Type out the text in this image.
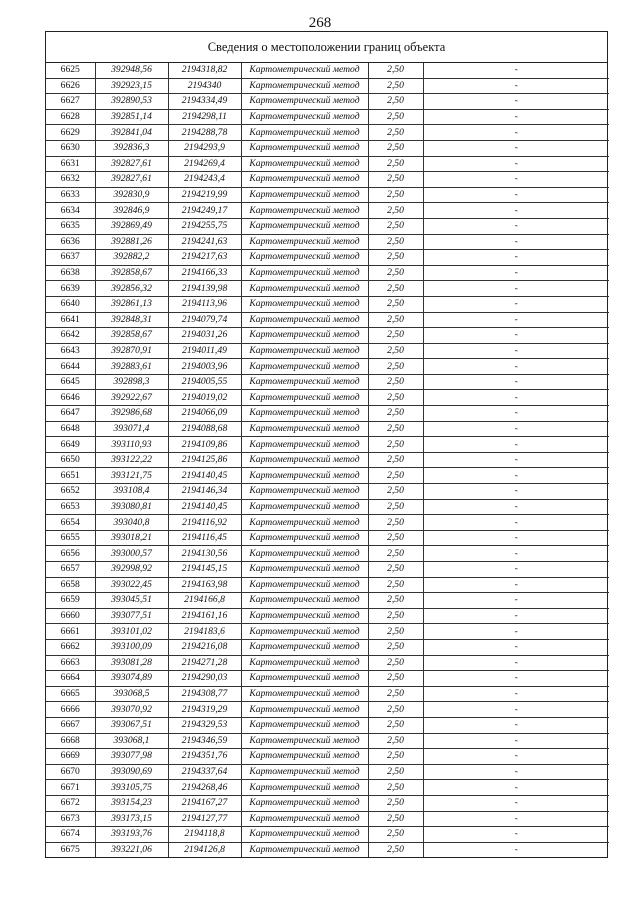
268
Сведения о местоположении границ объекта
6625	392948,56	2194318,82	Картометрический метод	2,50	-
6626	392923,15	2194340	Картометрический метод	2,50	-
6627	392890,53	2194334,49	Картометрический метод	2,50	-
6628	392851,14	2194298,11	Картометрический метод	2,50	-
6629	392841,04	2194288,78	Картометрический метод	2,50	-
6630	392836,3	2194293,9	Картометрический метод	2,50	-
6631	392827,61	2194269,4	Картометрический метод	2,50	-
6632	392827,61	2194243,4	Картометрический метод	2,50	-
6633	392830,9	2194219,99	Картометрический метод	2,50	-
6634	392846,9	2194249,17	Картометрический метод	2,50	-
6635	392869,49	2194255,75	Картометрический метод	2,50	-
6636	392881,26	2194241,63	Картометрический метод	2,50	-
6637	392882,2	2194217,63	Картометрический метод	2,50	-
6638	392858,67	2194166,33	Картометрический метод	2,50	-
6639	392856,32	2194139,98	Картометрический метод	2,50	-
6640	392861,13	2194113,96	Картометрический метод	2,50	-
6641	392848,31	2194079,74	Картометрический метод	2,50	-
6642	392858,67	2194031,26	Картометрический метод	2,50	-
6643	392870,91	2194011,49	Картометрический метод	2,50	-
6644	392883,61	2194003,96	Картометрический метод	2,50	-
6645	392898,3	2194005,55	Картометрический метод	2,50	-
6646	392922,67	2194019,02	Картометрический метод	2,50	-
6647	392986,68	2194066,09	Картометрический метод	2,50	-
6648	393071,4	2194088,68	Картометрический метод	2,50	-
6649	393110,93	2194109,86	Картометрический метод	2,50	-
6650	393122,22	2194125,86	Картометрический метод	2,50	-
6651	393121,75	2194140,45	Картометрический метод	2,50	-
6652	393108,4	2194146,34	Картометрический метод	2,50	-
6653	393080,81	2194140,45	Картометрический метод	2,50	-
6654	393040,8	2194116,92	Картометрический метод	2,50	-
6655	393018,21	2194116,45	Картометрический метод	2,50	-
6656	393000,57	2194130,56	Картометрический метод	2,50	-
6657	392998,92	2194145,15	Картометрический метод	2,50	-
6658	393022,45	2194163,98	Картометрический метод	2,50	-
6659	393045,51	2194166,8	Картометрический метод	2,50	-
6660	393077,51	2194161,16	Картометрический метод	2,50	-
6661	393101,02	2194183,6	Картометрический метод	2,50	-
6662	393100,09	2194216,08	Картометрический метод	2,50	-
6663	393081,28	2194271,28	Картометрический метод	2,50	-
6664	393074,89	2194290,03	Картометрический метод	2,50	-
6665	393068,5	2194308,77	Картометрический метод	2,50	-
6666	393070,92	2194319,29	Картометрический метод	2,50	-
6667	393067,51	2194329,53	Картометрический метод	2,50	-
6668	393068,1	2194346,59	Картометрический метод	2,50	-
6669	393077,98	2194351,76	Картометрический метод	2,50	-
6670	393090,69	2194337,64	Картометрический метод	2,50	-
6671	393105,75	2194268,46	Картометрический метод	2,50	-
6672	393154,23	2194167,27	Картометрический метод	2,50	-
6673	393173,15	2194127,77	Картометрический метод	2,50	-
6674	393193,76	2194118,8	Картометрический метод	2,50	-
6675	393221,06	2194126,8	Картометрический метод	2,50	-
